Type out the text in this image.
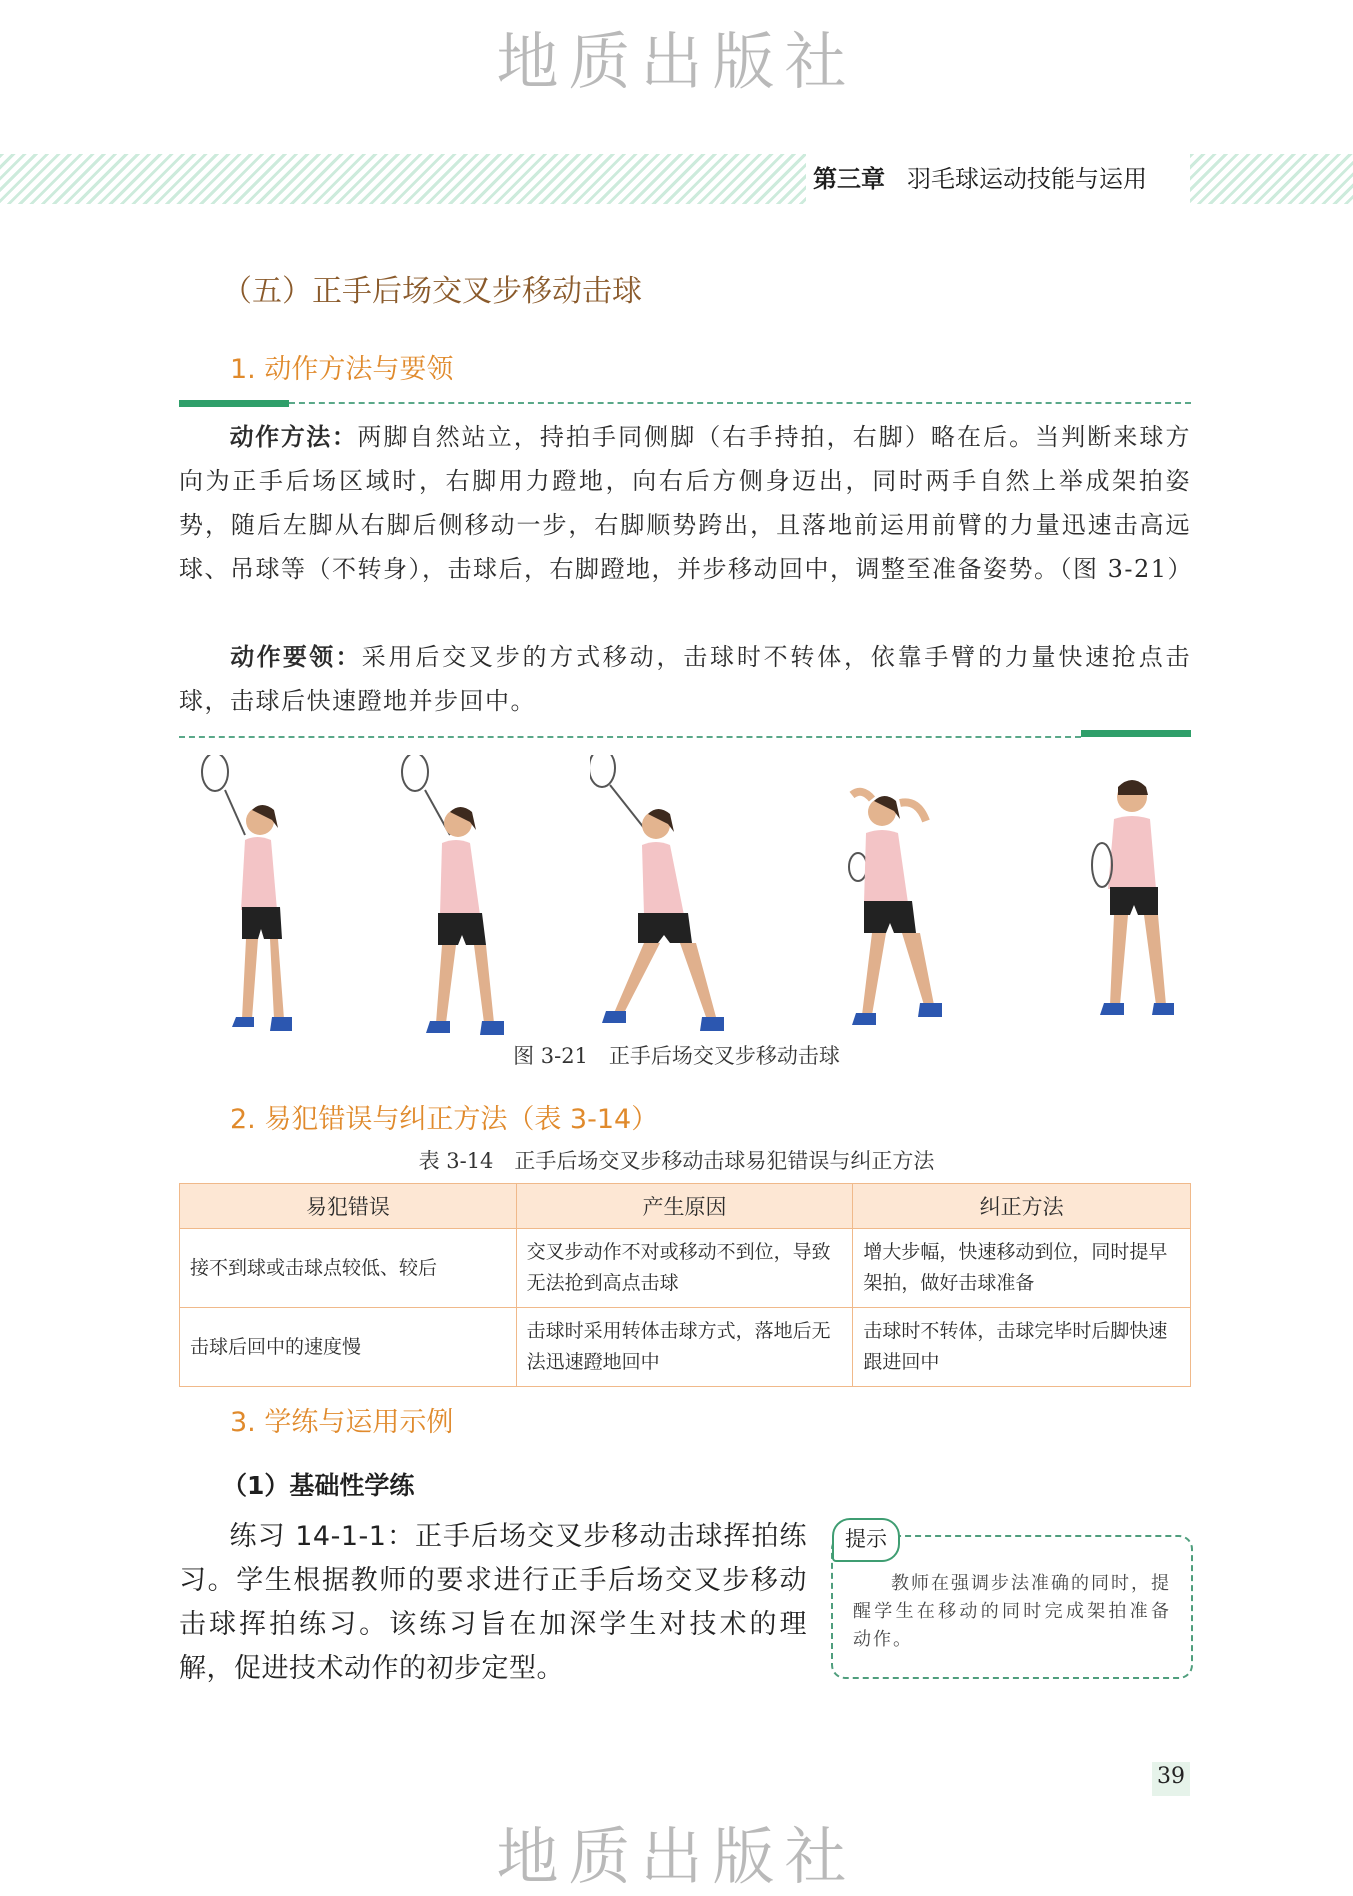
地质出版社
第三章 羽毛球运动技能与运用
（五）正手后场交叉步移动击球
1. 动作方法与要领
动作方法：两脚自然站立，持拍手同侧脚（右手持拍，右脚）略在后。当判断来球方向为正手后场区域时，右脚用力蹬地，向右后方侧身迈出，同时两手自然上举成架拍姿势，随后左脚从右脚后侧移动一步，右脚顺势跨出，且落地前运用前臂的力量迅速击高远球、吊球等（不转身），击球后，右脚蹬地，并步移动回中，调整至准备姿势。（图 3-21）
动作要领：采用后交叉步的方式移动，击球时不转体，依靠手臂的力量快速抢点击球，击球后快速蹬地并步回中。
图 3-21　正手后场交叉步移动击球
2. 易犯错误与纠正方法（表 3-14）
表 3-14　正手后场交叉步移动击球易犯错误与纠正方法
易犯错误	产生原因	纠正方法
接不到球或击球点较低、较后	交叉步动作不对或移动不到位，导致无法抢到高点击球	增大步幅，快速移动到位，同时提早架拍，做好击球准备
击球后回中的速度慢	击球时采用转体击球方式，落地后无法迅速蹬地回中	击球时不转体，击球完毕时后脚快速跟进回中
3. 学练与运用示例
（1）基础性学练
练习 14-1-1：正手后场交叉步移动击球挥拍练习。学生根据教师的要求进行正手后场交叉步移动击球挥拍练习。该练习旨在加深学生对技术的理解，促进技术动作的初步定型。
提示
教师在强调步法准确的同时，提醒学生在移动的同时完成架拍准备动作。
39
地质出版社
